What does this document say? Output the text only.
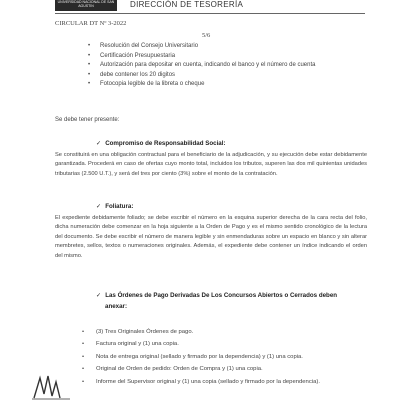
UNIVERSIDAD NACIONAL DE SAN AGUSTIN	DIRECCIÓN DE TESORERÍA
CIRCULAR DT Nº 3-2022
5/6
• Resolución del Consejo Universitario
• Certificación Presupuestaria
• Autorización para depositar en cuenta, indicando el banco y el número de cuenta
• debe contener los 20 digitos
• Fotocopia legible de la libreta o cheque
Se debe tener presente:
✓ Compromiso de Responsabilidad Social:
Se constituirá en una obligación contractual para el beneficiario de la adjudicación, y su ejecución debe estar debidamente garantizada. Procederá en caso de ofertas cuyo monto total, incluidos los tributos, superen las dos mil quinientas unidades tributarias (2.500 U.T.), y será del tres por ciento (3%) sobre el monto de la contratación.
✓ Foliatura:
El expediente debidamente foliado; se debe escribir el número en la esquina superior derecha de la cara recta del folio, dicha numeración debe comenzar en la hoja siguiente a la Orden de Pago y es el mismo sentido cronológico de la lectura del documento. Se debe escribir el número de manera legible y sin enmendaduras sobre un espacio en blanco y sin alterar membretes, sellos, textos o numeraciones originales. Además, el expediente debe contener un índice indicando el orden del mismo.
✓ Las Órdenes de Pago Derivadas De Los Concursos Abiertos o Cerrados deben
anexar:
• (3) Tres Originales Órdenes de pago.
• Factura original y (1) una copia.
• Nota de entrega original (sellado y firmado por la dependencia) y (1) una copia.
• Original de Orden de pedido: Orden de Compra y (1) una copia.
• Informe del Supervisor original y (1) una copia (sellado y firmado por la dependencia).
